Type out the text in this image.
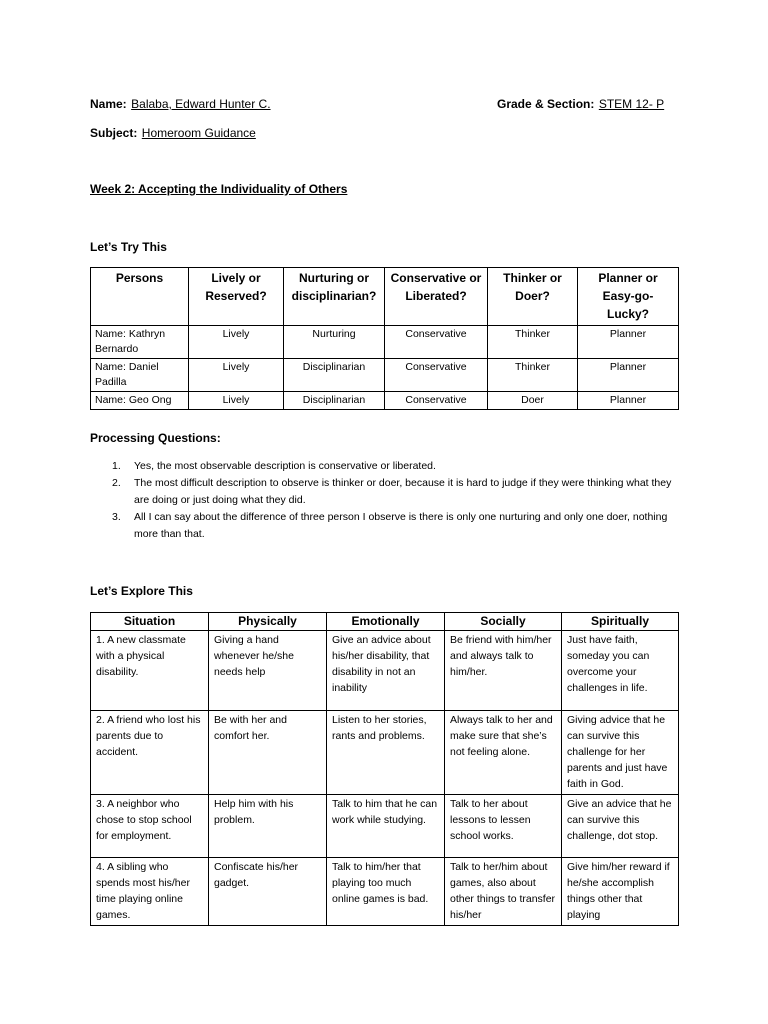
Name: Balaba, Edward Hunter C.	Grade & Section: STEM 12- P
Subject: Homeroom Guidance
Week 2: Accepting the Individuality of Others
Let’s Try This
Persons	Lively or Reserved?	Nurturing or disciplinarian?	Conservative or Liberated?	Thinker or Doer?	Planner or Easy-go-Lucky?
Name: Kathryn Bernardo	Lively	Nurturing	Conservative	Thinker	Planner
Name: Daniel Padilla	Lively	Disciplinarian	Conservative	Thinker	Planner
Name: Geo Ong	Lively	Disciplinarian	Conservative	Doer	Planner
Processing Questions:
1.	Yes, the most observable description is conservative or liberated.
2.	The most difficult description to observe is thinker or doer, because it is hard to judge if they were thinking what they are doing or just doing what they did.
3.	All I can say about the difference of three person I observe is there is only one nurturing and only one doer, nothing more than that.
Let’s Explore This
Situation	Physically	Emotionally	Socially	Spiritually
1. A new classmate with a physical disability.	Giving a hand whenever he/she needs help	Give an advice about his/her disability, that disability in not an inability	Be friend with him/her and always talk to him/her.	Just have faith, someday you can overcome your challenges in life.
2. A friend who lost his parents due to accident.	Be with her and comfort her.	Listen to her stories, rants and problems.	Always talk to her and make sure that she’s not feeling alone.	Giving advice that he can survive this challenge for her parents and just have faith in God.
3. A neighbor who chose to stop school for employment.	Help him with his problem.	Talk to him that he can work while studying.	Talk to her about lessons to lessen school works.	Give an advice that he can survive this challenge, dot stop.
4. A sibling who spends most his/her time playing online games.	Confiscate his/her gadget.	Talk to him/her that playing too much online games is bad.	Talk to her/him about games, also about other things to transfer his/her	Give him/her reward if he/she accomplish things other that playing
